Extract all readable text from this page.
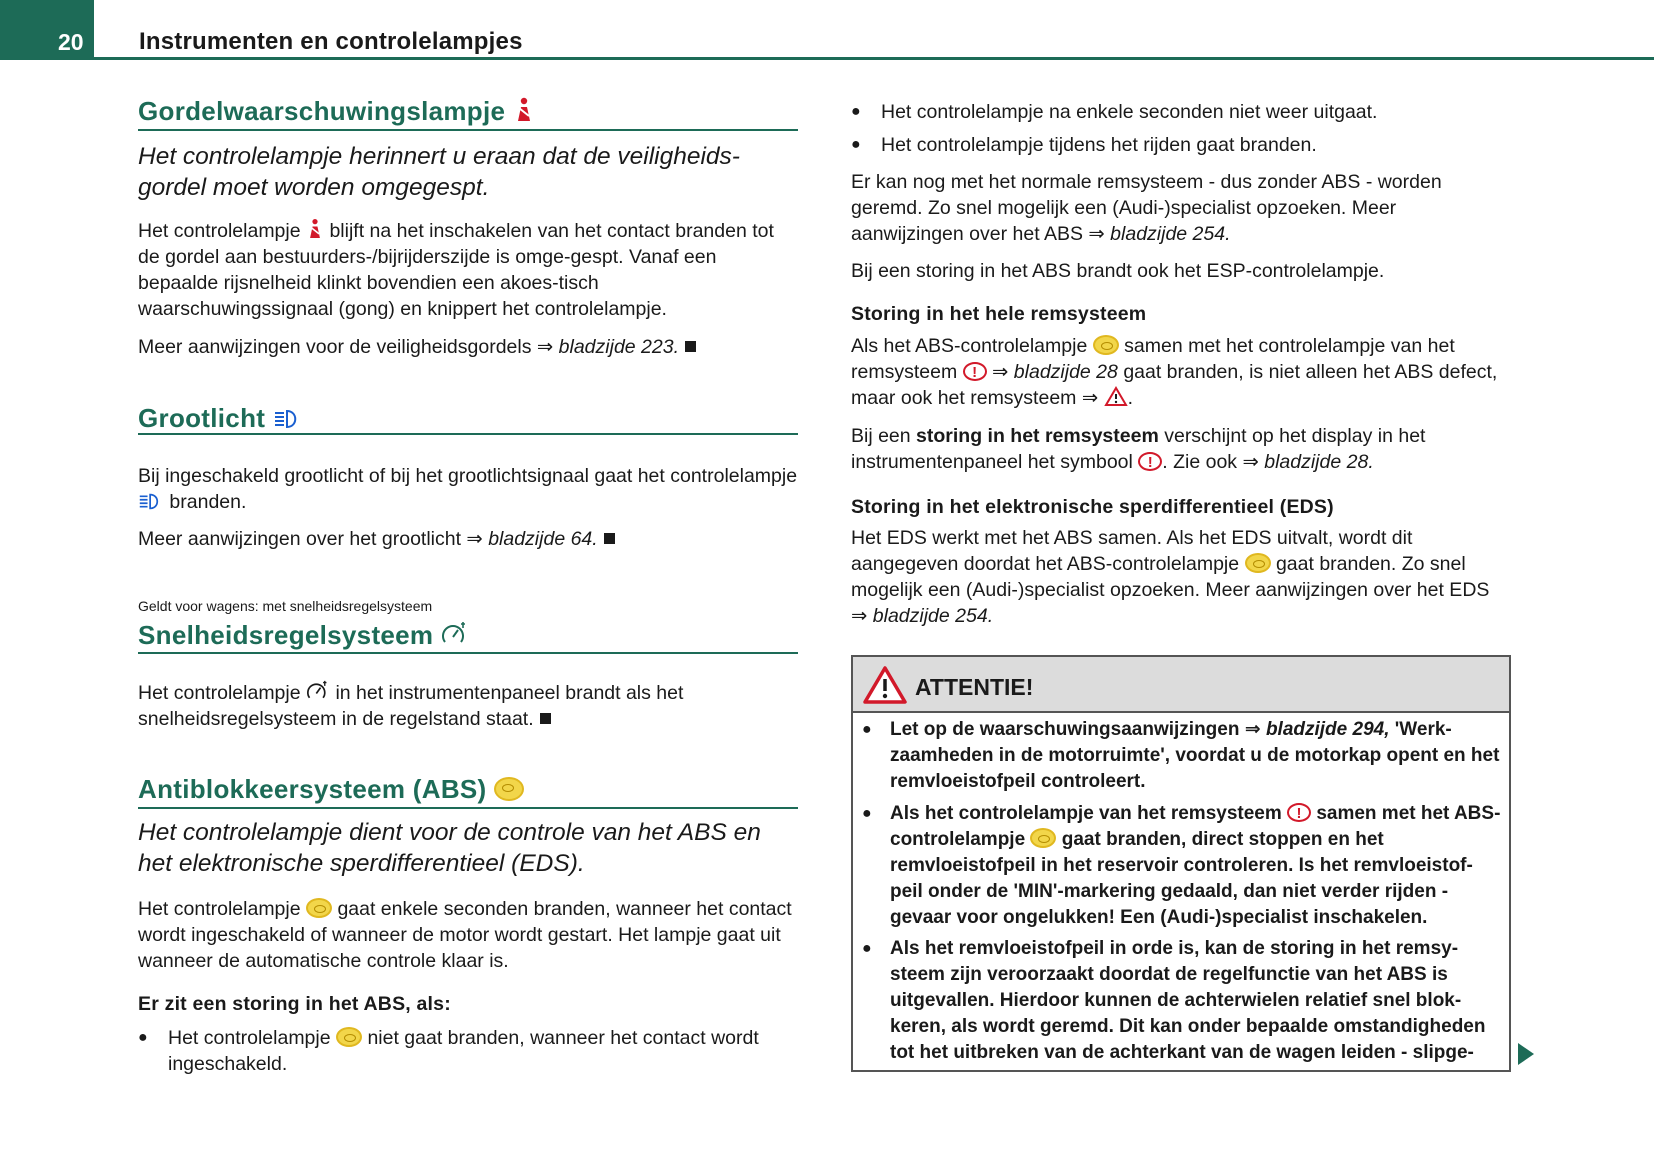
20 Instrumenten en controlelampjes
Gordelwaarschuwingslampje
Het controlelampje herinnert u eraan dat de veiligheids-gordel moet worden omgegespt.
Het controlelampje blijft na het inschakelen van het contact branden tot de gordel aan bestuurders-/bijrijderszijde is omge-gespt. Vanaf een bepaalde rijsnelheid klinkt bovendien een akoes-tisch waarschuwingssignaal (gong) en knippert het controlelampje.
Meer aanwijzingen voor de veiligheidsgordels ⇒ bladzijde 223.
Grootlicht
Bij ingeschakeld grootlicht of bij het grootlichtsignaal gaat het controlelampje  branden.
Meer aanwijzingen over het grootlicht ⇒ bladzijde 64.
Geldt voor wagens: met snelheidsregelsysteem
Snelheidsregelsysteem
Het controlelampje in het instrumentenpaneel brandt als het snelheidsregelsysteem in de regelstand staat.
Antiblokkeersysteem (ABS)
Het controlelampje dient voor de controle van het ABS en het elektronische sperdifferentieel (EDS).
Het controlelampje gaat enkele seconden branden, wanneer het contact wordt ingeschakeld of wanneer de motor wordt gestart. Het lampje gaat uit wanneer de automatische controle klaar is.
Er zit een storing in het ABS, als:
● Het controlelampje niet gaat branden, wanneer het contact wordt ingeschakeld.
● Het controlelampje na enkele seconden niet weer uitgaat.
● Het controlelampje tijdens het rijden gaat branden.
Er kan nog met het normale remsysteem - dus zonder ABS - worden geremd. Zo snel mogelijk een (Audi-)specialist opzoeken. Meer aanwijzingen over het ABS ⇒ bladzijde 254.
Bij een storing in het ABS brandt ook het ESP-controlelampje.
Storing in het hele remsysteem
Als het ABS-controlelampje samen met het controlelampje van het remsysteem ! ⇒ bladzijde 28 gaat branden, is niet alleen het ABS defect, maar ook het remsysteem ⇒ .
Bij een storing in het remsysteem verschijnt op het display in het instrumentenpaneel het symbool ! . Zie ook ⇒ bladzijde 28.
Storing in het elektronische sperdifferentieel (EDS)
Het EDS werkt met het ABS samen. Als het EDS uitvalt, wordt dit aangegeven doordat het ABS-controlelampje gaat branden. Zo snel mogelijk een (Audi-)specialist opzoeken. Meer aanwijzingen over het EDS ⇒ bladzijde 254.
ATTENTIE!
● Let op de waarschuwingsaanwijzingen ⇒ bladzijde 294, 'Werk-zaamheden in de motorruimte', voordat u de motorkap opent en het remvloeistofpeil controleert.
● Als het controlelampje van het remsysteem ! samen met het ABS-controlelampje gaat branden, direct stoppen en het remvloeistofpeil in het reservoir controleren. Is het remvloeistof-peil onder de 'MIN'-markering gedaald, dan niet verder rijden - gevaar voor ongelukken! Een (Audi-)specialist inschakelen.
● Als het remvloeistofpeil in orde is, kan de storing in het remsy-steem zijn veroorzaakt doordat de regelfunctie van het ABS is uitgevallen. Hierdoor kunnen de achterwielen relatief snel blok-keren, als wordt geremd. Dit kan onder bepaalde omstandigheden tot het uitbreken van de achterkant van de wagen leiden - slipge-
